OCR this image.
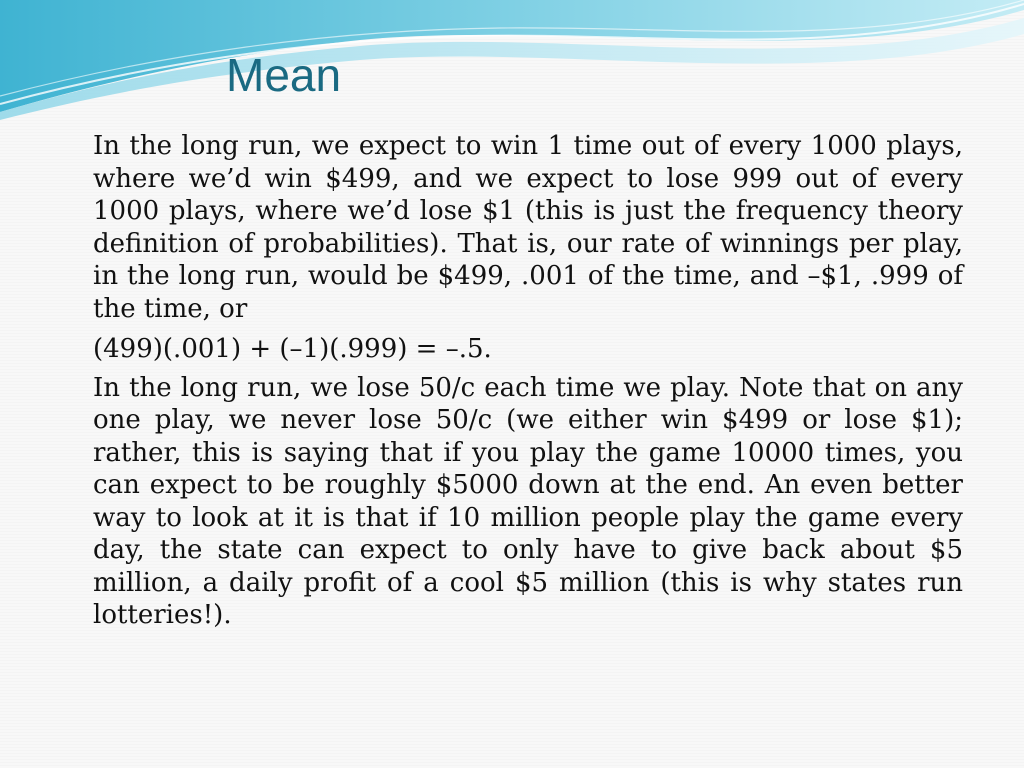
Mean

In the long run, we expect to win 1 time out of every 1000 plays, where we’d win $499, and we expect to lose 999 out of every 1000 plays, where we’d lose $1 (this is just the frequency theory definition of probabilities). That is, our rate of winnings per play, in the long run, would be $499, .001 of the time, and –$1, .999 of the time, or

(499)(.001) + (–1)(.999) = –.5.

In the long run, we lose 50/c each time we play. Note that on any one play, we never lose 50/c (we either win $499 or lose $1); rather, this is saying that if you play the game 10000 times, you can expect to be roughly $5000 down at the end. An even better way to look at it is that if 10 million people play the game every day, the state can expect to only have to give back about $5 million, a daily profit of a cool $5 million (this is why states run lotteries!).
